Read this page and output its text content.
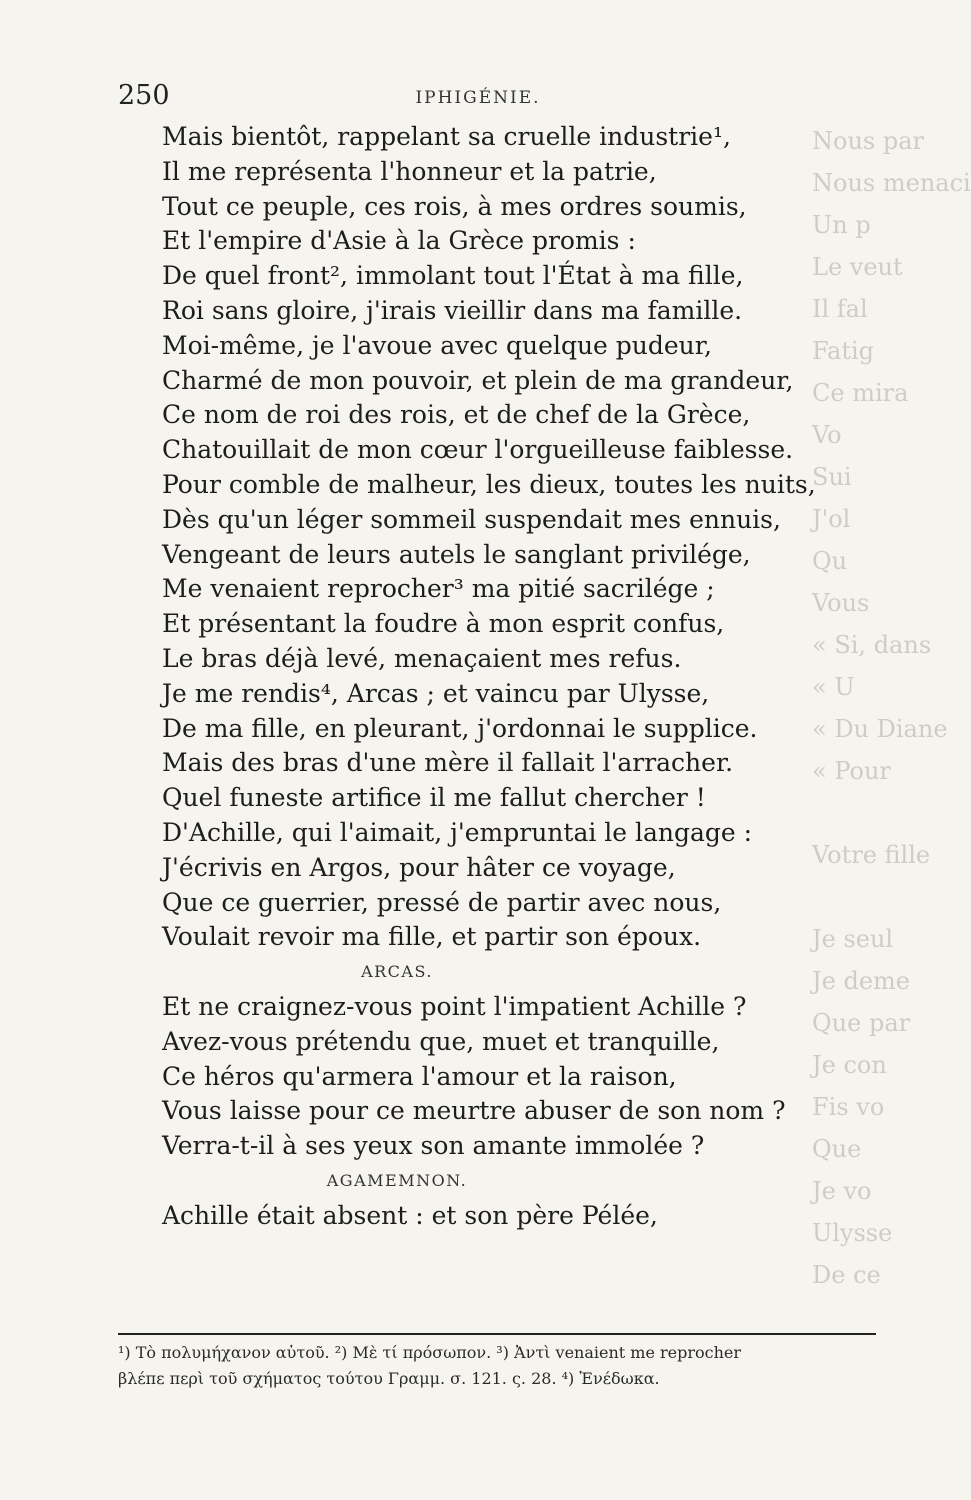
Nous par
Nous menaci
Un p
Le veut
Il fal
Fatig
Ce mira
Vo
Sui
J'ol
Qu
Vous
« Si, dans
« U
« Du Diane
« Pour

Votre fille

Je seul
Je deme
Que par
Je con
Fis vo
Que
Je vo
Ulysse
De ce
250	IPHIGÉNIE.
Mais bientôt, rappelant sa cruelle industrie¹,
Il me représenta l'honneur et la patrie,
Tout ce peuple, ces rois, à mes ordres soumis,
Et l'empire d'Asie à la Grèce promis :
De quel front², immolant tout l'État à ma fille,
Roi sans gloire, j'irais vieillir dans ma famille.
Moi-même, je l'avoue avec quelque pudeur,
Charmé de mon pouvoir, et plein de ma grandeur,
Ce nom de roi des rois, et de chef de la Grèce,
Chatouillait de mon cœur l'orgueilleuse faiblesse.
Pour comble de malheur, les dieux, toutes les nuits,
Dès qu'un léger sommeil suspendait mes ennuis,
Vengeant de leurs autels le sanglant privilége,
Me venaient reprocher³ ma pitié sacrilége ;
Et présentant la foudre à mon esprit confus,
Le bras déjà levé, menaçaient mes refus.
Je me rendis⁴, Arcas ; et vaincu par Ulysse,
De ma fille, en pleurant, j'ordonnai le supplice.
Mais des bras d'une mère il fallait l'arracher.
Quel funeste artifice il me fallut chercher !
D'Achille, qui l'aimait, j'empruntai le langage :
J'écrivis en Argos, pour hâter ce voyage,
Que ce guerrier, pressé de partir avec nous,
Voulait revoir ma fille, et partir son époux.
ARCAS.
Et ne craignez-vous point l'impatient Achille ?
Avez-vous prétendu que, muet et tranquille,
Ce héros qu'armera l'amour et la raison,
Vous laisse pour ce meurtre abuser de son nom ?
Verra-t-il à ses yeux son amante immolée ?
AGAMEMNON.
Achille était absent : et son père Pélée,
¹) Τὸ πολυμήχανον αὐτοῦ. ²) Μὲ τί πρόσωπον. ³) Ἀντὶ venaient me reprocher
βλέπε περὶ τοῦ σχήματος τούτου Γραμμ. σ. 121. ς. 28. ⁴) Ἐνέδωκα.
